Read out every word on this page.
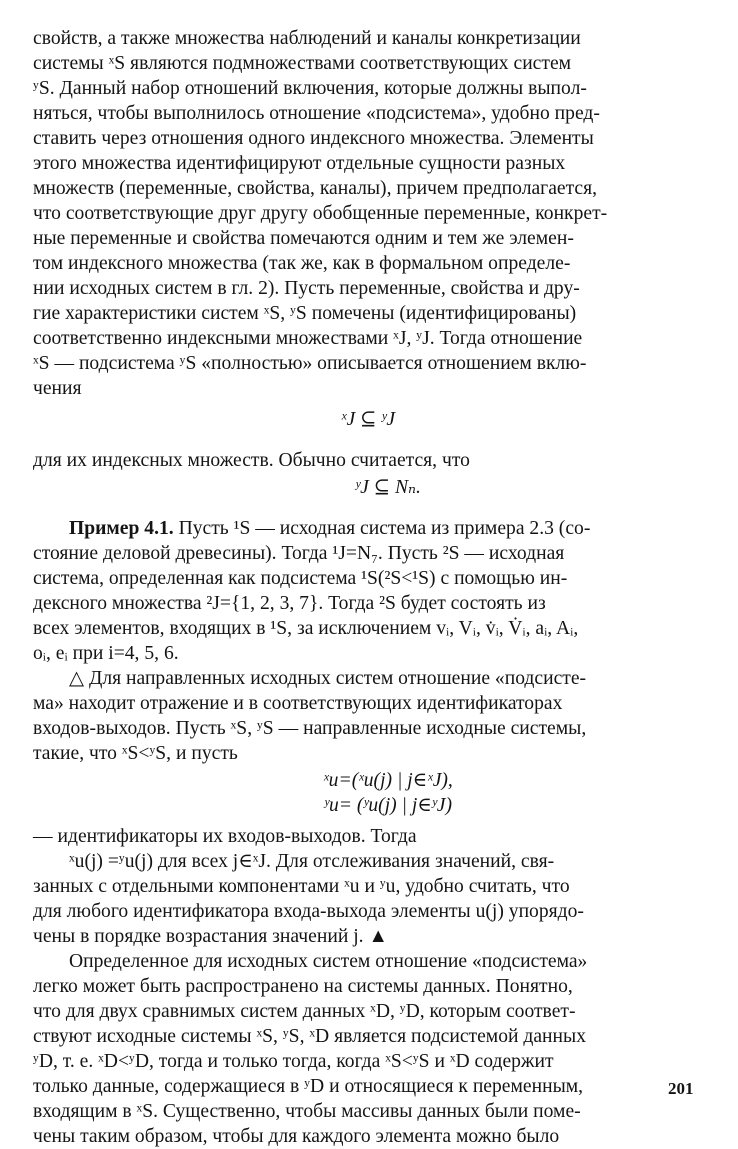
свойств, а также множества наблюдений и каналы конкретизации
системы ˣS являются подмножествами соответствующих систем
ʸS. Данный набор отношений включения, которые должны выпол-
няться, чтобы выполнилось отношение «подсистема», удобно пред-
ставить через отношения одного индексного множества. Элементы
этого множества идентифицируют отдельные сущности разных
множеств (переменные, свойства, каналы), причем предполагается,
что соответствующие друг другу обобщенные переменные, конкрет-
ные переменные и свойства помечаются одним и тем же элемен-
том индексного множества (так же, как в формальном определе-
нии исходных систем в гл. 2). Пусть переменные, свойства и дру-
гие характеристики систем ˣS, ʸS помечены (идентифицированы)
соответственно индексными множествами ˣJ, ʸJ. Тогда отношение
ˣS — подсистема ʸS «полностью» описывается отношением вклю-
чения
ˣJ ⊆ ʸJ
для их индексных множеств. Обычно считается, что
ʸJ ⊆ Nₙ.
Пример 4.1. Пусть ¹S — исходная система из примера 2.3 (со-
стояние деловой древесины). Тогда ¹J=N₇. Пусть ²S — исходная
система, определенная как подсистема ¹S(²S<¹S) с помощью ин-
дексного множества ²J={1, 2, 3, 7}. Тогда ²S будет состоять из
всех элементов, входящих в ¹S, за исключением vᵢ, Vᵢ, v̇ᵢ, V̇ᵢ, aᵢ, Aᵢ,
oᵢ, eᵢ при i=4, 5, 6.
△ Для направленных исходных систем отношение «подсисте-
ма» находит отражение и в соответствующих идентификаторах
входов-выходов. Пусть ˣS, ʸS — направленные исходные системы,
такие, что ˣS<ʸS, и пусть
ˣu=(ˣu(j) | j∈ˣJ),
ʸu= (ʸu(j) | j∈ʸJ)
— идентификаторы их входов-выходов. Тогда
ˣu(j) =ʸu(j) для всех j∈ˣJ. Для отслеживания значений, свя-
занных с отдельными компонентами ˣu и ʸu, удобно считать, что
для любого идентификатора входа-выхода элементы u(j) упорядо-
чены в порядке возрастания значений j. ▲
Определенное для исходных систем отношение «подсистема»
легко может быть распространено на системы данных. Понятно,
что для двух сравнимых систем данных ˣD, ʸD, которым соответ-
ствуют исходные системы ˣS, ʸS, ˣD является подсистемой данных
ʸD, т. е. ˣD<ʸD, тогда и только тогда, когда ˣS<ʸS и ˣD содержит
только данные, содержащиеся в ʸD и относящиеся к переменным,
входящим в ˣS. Существенно, чтобы массивы данных были поме-
чены таким образом, чтобы для каждого элемента можно было
201
